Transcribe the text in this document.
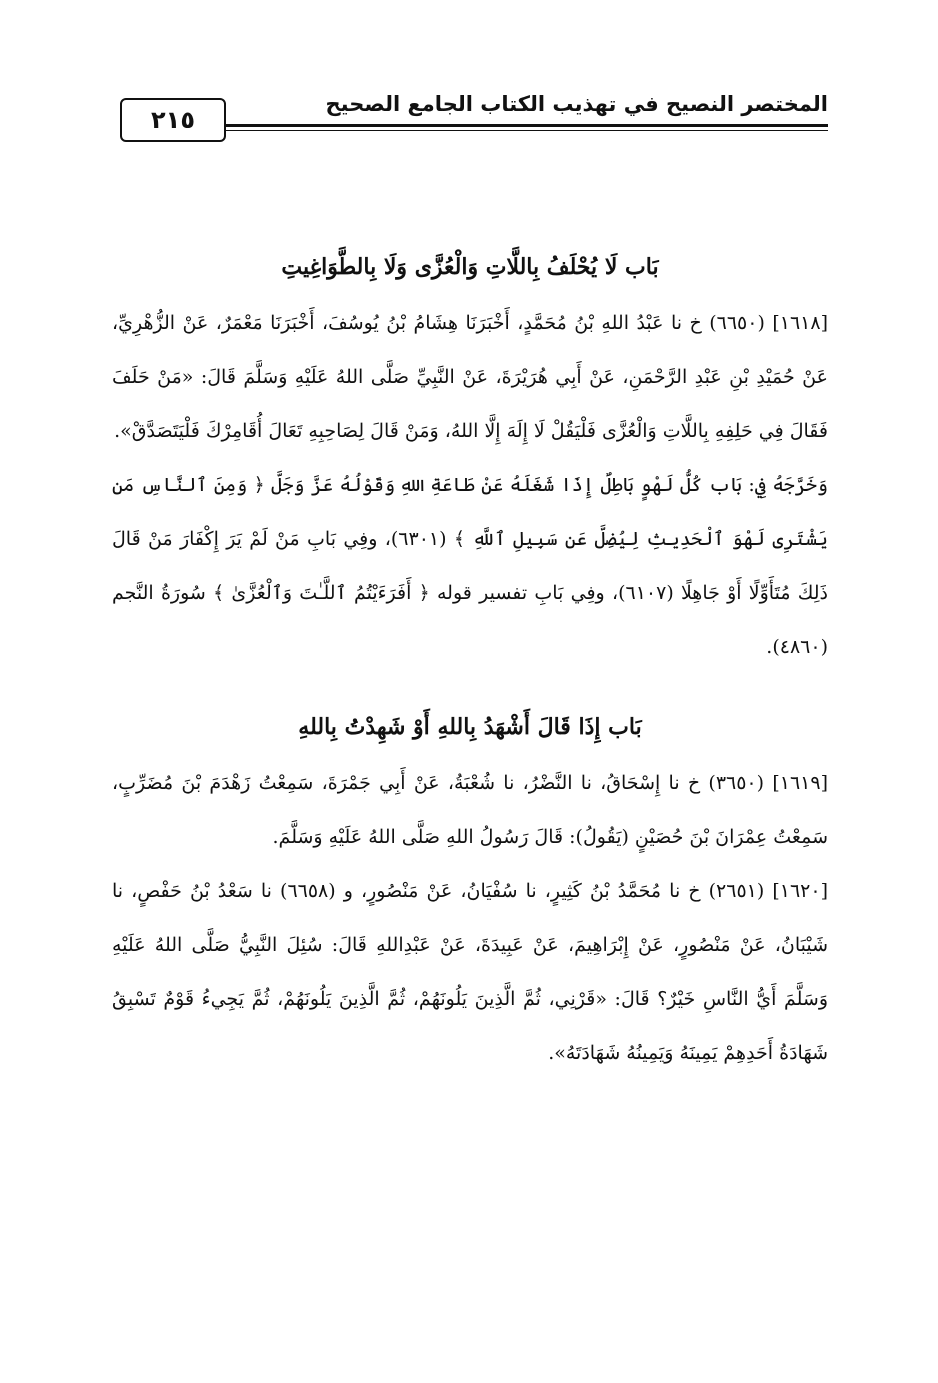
المختصر النصيح في تهذيب الكتاب الجامع الصحيح
٢١٥
بَاب لَا يُحْلَفُ بِاللَّاتِ وَالْعُزَّى وَلَا بِالطَّوَاغِيتِ

[١٦١٨] (٦٦٥٠) خ نا عَبْدُ اللهِ بْنُ مُحَمَّدٍ، أَخْبَرَنَا هِشَامُ بْنُ يُوسُفَ، أَخْبَرَنَا مَعْمَرٌ، عَنْ الزُّهْرِيِّ، عَنْ حُمَيْدِ بْنِ عَبْدِ الرَّحْمَنِ، عَنْ أَبِي هُرَيْرَةَ، عَنْ النَّبِيِّ صَلَّى اللهُ عَلَيْهِ وَسَلَّمَ قَالَ: «مَنْ حَلَفَ فَقَالَ فِي حَلِفِهِ بِاللَّاتِ وَالْعُزَّى فَلْيَقُلْ لَا إِلَهَ إِلَّا اللهُ، وَمَنْ قَالَ لِصَاحِبِهِ تَعَالَ أُقَامِرْكَ فَلْيَتَصَدَّقْ».

وَخَرَّجَهُ فِي: بَاب كُلُّ لَهْوٍ بَاطِلٌ إِذَا شَغَلَهُ عَنْ طَاعَةِ اللهِ وَقَوْلُهُ عَزَّ وَجَلَّ ﴿ وَمِنَ ٱلنَّاسِ مَن يَشْتَرِى لَهْوَ ٱلْحَدِيثِ لِيُضِلَّ عَن سَبِيلِ ٱللَّهِ ﴾ (٦٣٠١)، وفِي بَابِ مَنْ لَمْ يَرَ إِكْفَارَ مَنْ قَالَ ذَلِكَ مُتَأَوِّلًا أَوْ جَاهِلًا (٦١٠٧)، وفِي بَابِ تفسير قوله ﴿ أَفَرَءَيْتُمُ ٱللَّـٰتَ وَٱلْعُزَّىٰ ﴾ سُورَةُ النَّجم (٤٨٦٠).

بَاب إِذَا قَالَ أَشْهَدُ بِاللهِ أَوْ شَهِدْتُ بِاللهِ

[١٦١٩] (٣٦٥٠) خ نا إِسْحَاقُ، نا النَّضْرُ، نا شُعْبَةُ، عَنْ أَبِي جَمْرَةَ، سَمِعْتُ زَهْدَمَ بْنَ مُضَرِّبٍ، سَمِعْتُ عِمْرَانَ بْنَ حُصَيْنٍ (يَقُولُ): قَالَ رَسُولُ اللهِ صَلَّى اللهُ عَلَيْهِ وَسَلَّمَ.

[١٦٢٠] (٢٦٥١) خ نا مُحَمَّدُ بْنُ كَثِيرٍ، نا سُفْيَانُ، عَنْ مَنْصُورٍ، و (٦٦٥٨) نا سَعْدُ بْنُ حَفْصٍ، نا شَيْبَانُ، عَنْ مَنْصُورٍ، عَنْ إِبْرَاهِيمَ، عَنْ عَبِيدَةَ، عَنْ عَبْدِاللهِ قَالَ: سُئِلَ النَّبِيُّ صَلَّى اللهُ عَلَيْهِ وَسَلَّمَ أَيُّ النَّاسِ خَيْرٌ؟ قَالَ: «قَرْنِي، ثُمَّ الَّذِينَ يَلُونَهُمْ، ثُمَّ الَّذِينَ يَلُونَهُمْ، ثُمَّ يَجِيءُ قَوْمٌ تَسْبِقُ شَهَادَةُ أَحَدِهِمْ يَمِينَهُ وَيَمِينُهُ شَهَادَتَهُ».
